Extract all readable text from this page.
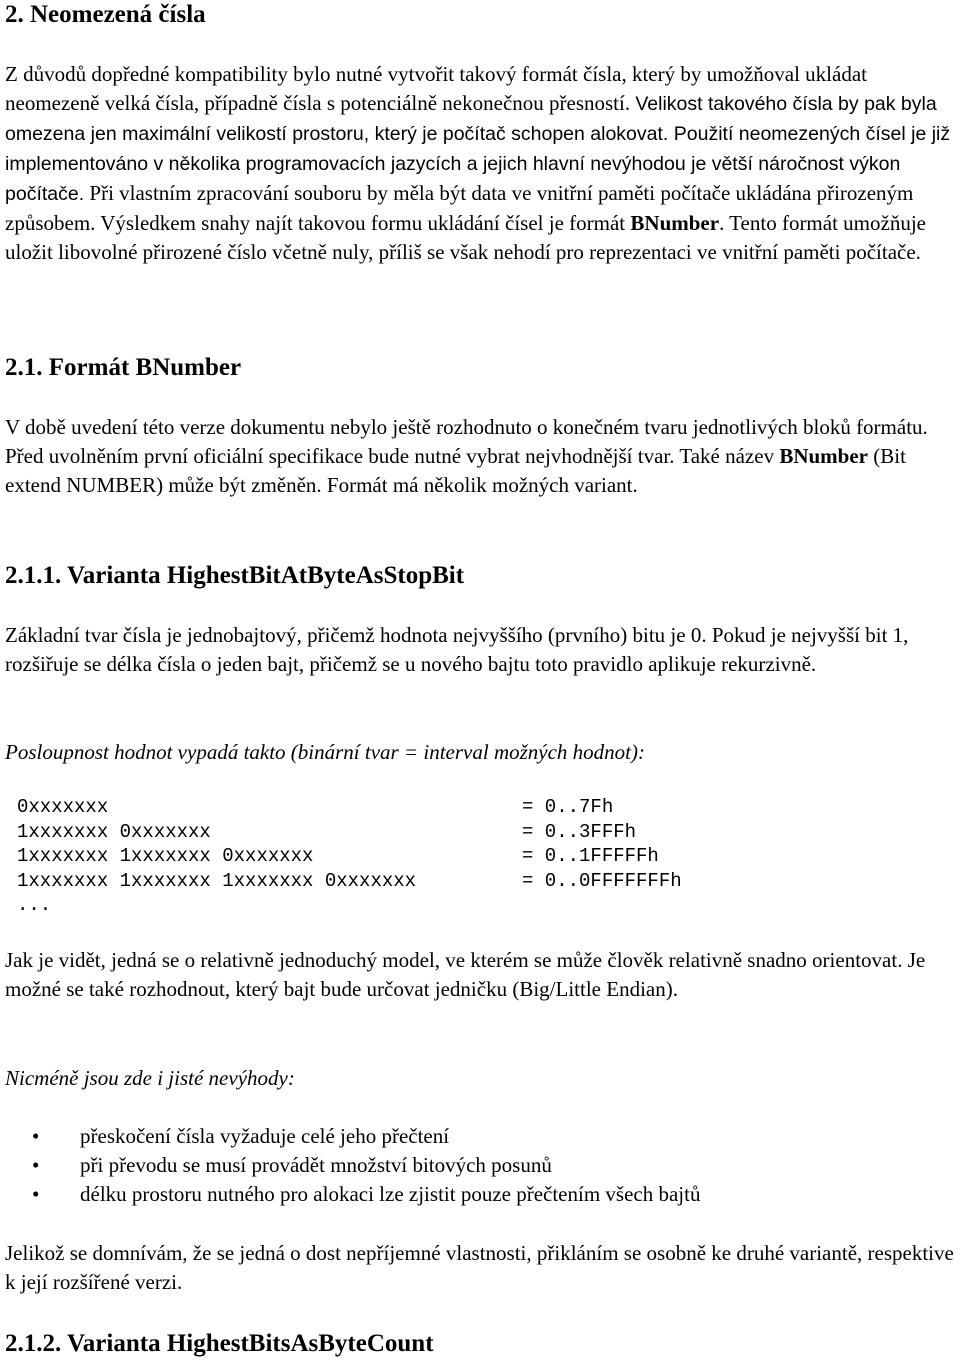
2. Neomezená čísla

Z důvodů dopředné kompatibility bylo nutné vytvořit takový formát čísla, který by umožňoval ukládat neomezeně velká čísla, případně čísla s potenciálně nekonečnou přesností. Velikost takového čísla by pak byla omezena jen maximální velikostí prostoru, který je počítač schopen alokovat. Použití neomezených čísel je již implementováno v několika programovacích jazycích a jejich hlavní nevýhodou je větší náročnost výkon počítače. Při vlastním zpracování souboru by měla být data ve vnitřní paměti počítače ukládána přirozeným způsobem. Výsledkem snahy najít takovou formu ukládání čísel je formát BNumber. Tento formát umožňuje uložit libovolné přirozené číslo včetně nuly, příliš se však nehodí pro reprezentaci ve vnitřní paměti počítače.

2.1. Formát BNumber

V době uvedení této verze dokumentu nebylo ještě rozhodnuto o konečném tvaru jednotlivých bloků formátu. Před uvolněním první oficiální specifikace bude nutné vybrat nejvhodnější tvar. Také název BNumber (Bit extend NUMBER) může být změněn. Formát má několik možných variant.

2.1.1. Varianta HighestBitAtByteAsStopBit

Základní tvar čísla je jednobajtový, přičemž hodnota nejvyššího (prvního) bitu je 0. Pokud je nejvyšší bit 1, rozšiřuje se délka čísla o jeden bajt, přičemž se u nového bajtu toto pravidlo aplikuje rekurzivně.

Posloupnost hodnot vypadá takto (binární tvar = interval možných hodnot):
0xxxxxxx	= 0..7Fh
1xxxxxxx 0xxxxxxx	= 0..3FFFh
1xxxxxxx 1xxxxxxx 0xxxxxxx	= 0..1FFFFFh
1xxxxxxx 1xxxxxxx 1xxxxxxx 0xxxxxxx	= 0..0FFFFFFFh
...

Jak je vidět, jedná se o relativně jednoduchý model, ve kterém se může člověk relativně snadno orientovat. Je možné se také rozhodnout, který bajt bude určovat jedničku (Big/Little Endian).

Nicméně jsou zde i jisté nevýhody:
• přeskočení čísla vyžaduje celé jeho přečtení
• při převodu se musí provádět množství bitových posunů
• délku prostoru nutného pro alokaci lze zjistit pouze přečtením všech bajtů

Jelikož se domnívám, že se jedná o dost nepříjemné vlastnosti, přikláním se osobně ke druhé variantě, respektive k její rozšířené verzi.

2.1.2. Varianta HighestBitsAsByteCount
